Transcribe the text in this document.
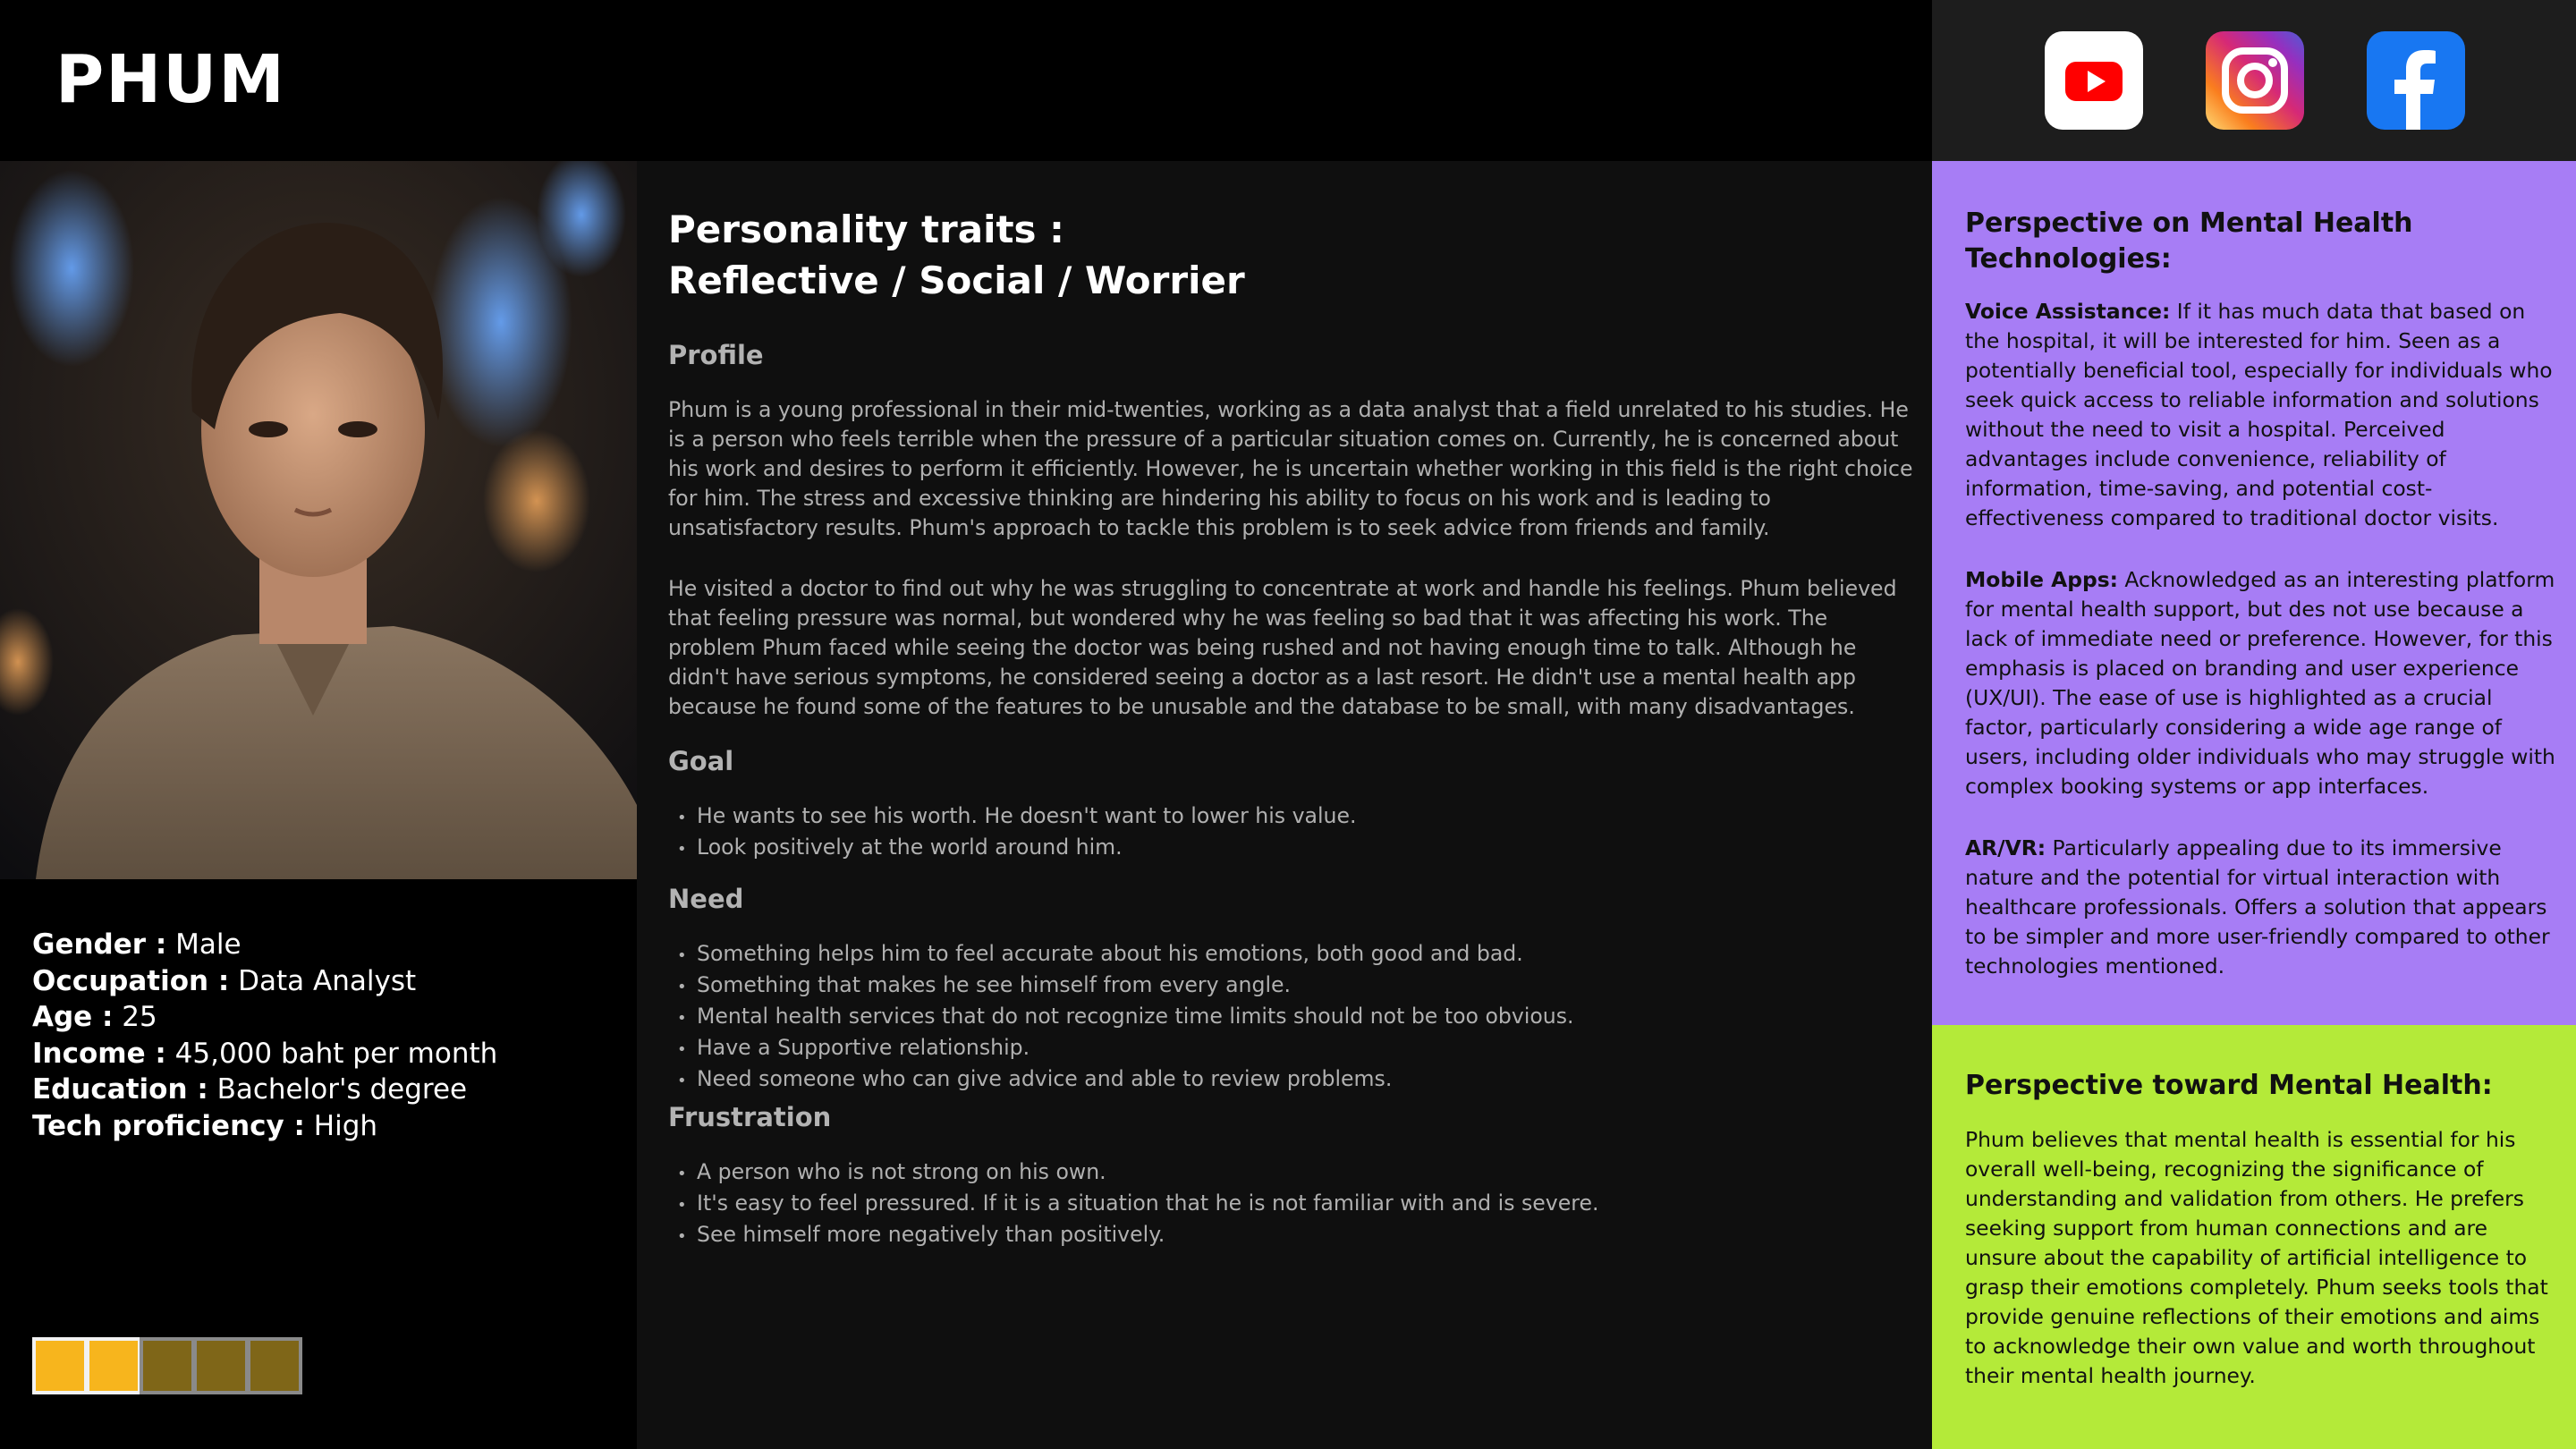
PHUM
Gender : Male
Occupation : Data Analyst
Age : 25
Income : 45,000 baht per month
Education : Bachelor's degree
Tech proficiency : High
Personality traits :
Reflective / Social / Worrier
Profile
Phum is a young professional in their mid-twenties, working as a data analyst that a field unrelated to his studies. He is a person who feels terrible when the pressure of a particular situation comes on. Currently, he is concerned about his work and desires to perform it efficiently. However, he is uncertain whether working in this field is the right choice for him. The stress and excessive thinking are hindering his ability to focus on his work and is leading to unsatisfactory results. Phum's approach to tackle this problem is to seek advice from friends and family.
He visited a doctor to find out why he was struggling to concentrate at work and handle his feelings. Phum believed that feeling pressure was normal, but wondered why he was feeling so bad that it was affecting his work. The problem Phum faced while seeing the doctor was being rushed and not having enough time to talk. Although he didn't have serious symptoms, he considered seeing a doctor as a last resort. He didn't use a mental health app because he found some of the features to be unusable and the database to be small, with many disadvantages.
Goal
• He wants to see his worth. He doesn't want to lower his value.
• Look positively at the world around him.
Need
• Something helps him to feel accurate about his emotions, both good and bad.
• Something that makes he see himself from every angle.
• Mental health services that do not recognize time limits should not be too obvious.
• Have a Supportive relationship.
• Need someone who can give advice and able to review problems.
Frustration
• A person who is not strong on his own.
• It's easy to feel pressured. If it is a situation that he is not familiar with and is severe.
• See himself more negatively than positively.
Perspective on Mental Health Technologies:
Voice Assistance: If it has much data that based on the hospital, it will be interested for him. Seen as a potentially beneficial tool, especially for individuals who seek quick access to reliable information and solutions without the need to visit a hospital. Perceived advantages include convenience, reliability of information, time-saving, and potential cost-effectiveness compared to traditional doctor visits.
Mobile Apps: Acknowledged as an interesting platform for mental health support, but des not use because a lack of immediate need or preference. However, for this emphasis is placed on branding and user experience (UX/UI). The ease of use is highlighted as a crucial factor, particularly considering a wide age range of users, including older individuals who may struggle with complex booking systems or app interfaces.
AR/VR: Particularly appealing due to its immersive nature and the potential for virtual interaction with healthcare professionals. Offers a solution that appears to be simpler and more user-friendly compared to other technologies mentioned.
Perspective toward Mental Health:
Phum believes that mental health is essential for his overall well-being, recognizing the significance of understanding and validation from others. He prefers seeking support from human connections and are unsure about the capability of artificial intelligence to grasp their emotions completely. Phum seeks tools that provide genuine reflections of their emotions and aims to acknowledge their own value and worth throughout their mental health journey.
